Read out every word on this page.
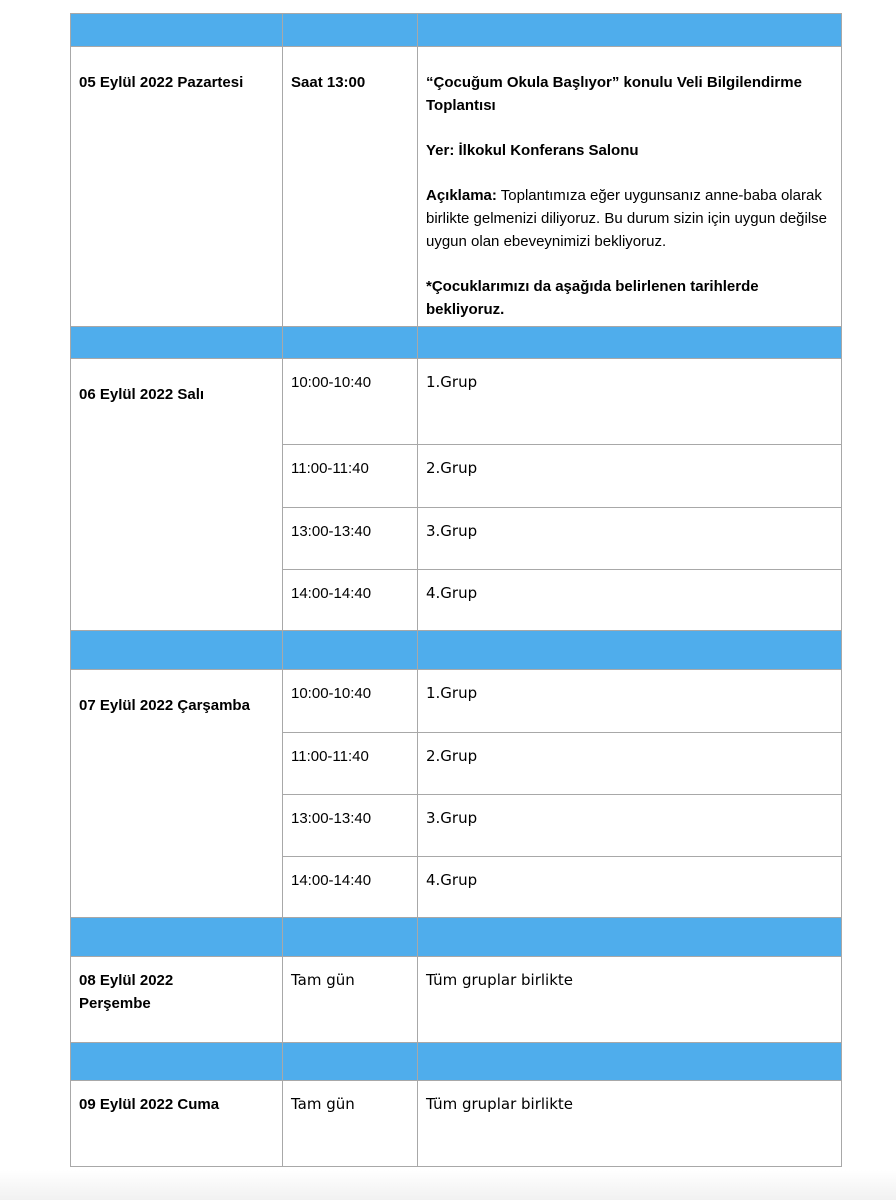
05 Eylül 2022 Pazartesi	Saat 13:00	“Çocuğum Okula Başlıyor” konulu Veli Bilgilendirme Toplantısı

Yer: İlkokul Konferans Salonu

Açıklama: Toplantımıza eğer uygunsanız anne-baba olarak birlikte gelmenizi diliyoruz. Bu durum sizin için uygun değilse uygun olan ebeveynimizi bekliyoruz.

*Çocuklarımızı da aşağıda belirlenen tarihlerde bekliyoruz.

06 Eylül 2022 Salı	10:00-10:40	1.Grup
	11:00-11:40	2.Grup

	13:00-13:40	3.Grup

	14:00-14:40	4.Grup

07 Eylül 2022 Çarşamba	10:00-10:40	1.Grup
	11:00-11:40	2.Grup

	13:00-13:40	3.Grup

	14:00-14:40	4.Grup

08 Eylül 2022 Perşembe	Tam gün	Tüm gruplar birlikte

09 Eylül 2022 Cuma	Tam gün	Tüm gruplar birlikte
